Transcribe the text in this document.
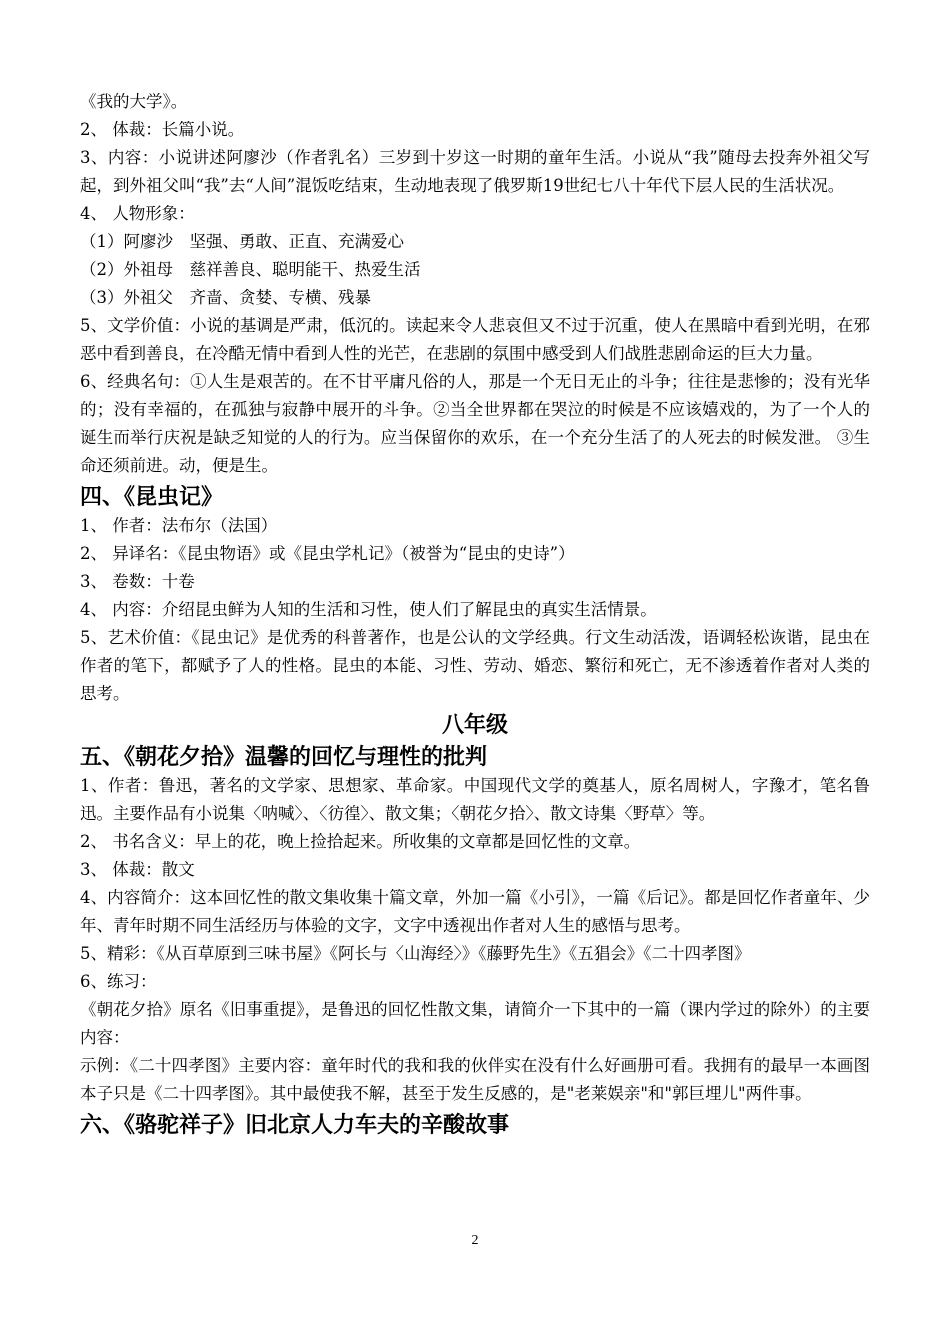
《我的大学》。

2、 体裁：长篇小说。

3、内容：小说讲述阿廖沙（作者乳名）三岁到十岁这一时期的童年生活。小说从“我”随母去投奔外祖父写起，到外祖父叫“我”去“人间”混饭吃结束，生动地表现了俄罗斯19世纪七八十年代下层人民的生活状况。

4、 人物形象：

（1）阿廖沙　坚强、勇敢、正直、充满爱心

（2）外祖母　慈祥善良、聪明能干、热爱生活

（3）外祖父　齐啬、贪婪、专横、残暴

5、文学价值：小说的基调是严肃，低沉的。读起来令人悲哀但又不过于沉重，使人在黑暗中看到光明，在邪恶中看到善良，在冷酷无情中看到人性的光芒，在悲剧的氛围中感受到人们战胜悲剧命运的巨大力量。

6、经典名句：①人生是艰苦的。在不甘平庸凡俗的人，那是一个无日无止的斗争；往往是悲惨的；没有光华的；没有幸福的，在孤独与寂静中展开的斗争。②当全世界都在哭泣的时候是不应该嬉戏的，为了一个人的诞生而举行庆祝是缺乏知觉的人的行为。应当保留你的欢乐，在一个充分生活了的人死去的时候发泄。 ③生命还须前进。动，便是生。

四、《昆虫记》

1、 作者：法布尔（法国）

2、 异译名：《昆虫物语》或《昆虫学札记》（被誉为“昆虫的史诗”）

3、 卷数：十卷

4、 内容：介绍昆虫鲜为人知的生活和习性，使人们了解昆虫的真实生活情景。

5、艺术价值：《昆虫记》是优秀的科普著作，也是公认的文学经典。行文生动活泼，语调轻松诙谐，昆虫在作者的笔下，都赋予了人的性格。昆虫的本能、习性、劳动、婚恋、繁衍和死亡，无不渗透着作者对人类的思考。

八年级
五、《朝花夕拾》温馨的回忆与理性的批判

1、作者：鲁迅，著名的文学家、思想家、革命家。中国现代文学的奠基人，原名周树人，字豫才，笔名鲁迅。主要作品有小说集〈呐喊〉、〈彷徨〉、散文集；〈朝花夕拾〉、散文诗集〈野草〉等。

2、 书名含义：早上的花，晚上捡拾起来。所收集的文章都是回忆性的文章。

3、 体裁：散文

4、内容简介：这本回忆性的散文集收集十篇文章，外加一篇《小引》，一篇《后记》。都是回忆作者童年、少年、青年时期不同生活经历与体验的文字，文字中透视出作者对人生的感悟与思考。

5、精彩：《从百草原到三味书屋》《阿长与〈山海经〉》《藤野先生》《五猖会》《二十四孝图》

6、练习：

《朝花夕拾》原名《旧事重提》，是鲁迅的回忆性散文集，请简介一下其中的一篇（课内学过的除外）的主要内容：

示例：《二十四孝图》主要内容：童年时代的我和我的伙伴实在没有什么好画册可看。我拥有的最早一本画图本子只是《二十四孝图》。其中最使我不解，甚至于发生反感的，是"老莱娱亲"和"郭巨埋儿"两件事。

六、《骆驼祥子》旧北京人力车夫的辛酸故事
2
